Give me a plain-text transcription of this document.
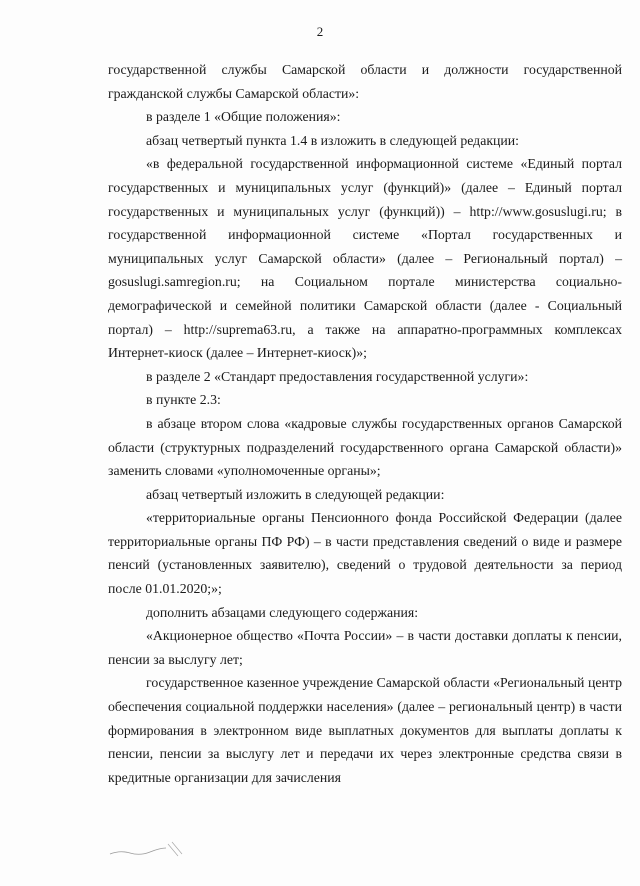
2

государственной службы Самарской области и должности государственной гражданской службы Самарской области»:

в разделе 1 «Общие положения»:

абзац четвертый пункта 1.4 в изложить в следующей редакции:

«в федеральной государственной информационной системе «Единый портал государственных и муниципальных услуг (функций)» (далее – Единый портал государственных и муниципальных услуг (функций)) – http://www.gosuslugi.ru; в государственной информационной системе «Портал государственных и муниципальных услуг Самарской области» (далее – Региональный портал) – gosuslugi.samregion.ru; на Социальном портале министерства социально-демографической и семейной политики Самарской области (далее - Социальный портал) – http://suprema63.ru, а также на аппаратно-программных комплексах Интернет-киоск (далее – Интернет-киоск)»;

в разделе 2 «Стандарт предоставления государственной услуги»:

в пункте 2.3:

в абзаце втором слова «кадровые службы государственных органов Самарской области (структурных подразделений государственного органа Самарской области)» заменить словами «уполномоченные органы»;

абзац четвертый изложить в следующей редакции:

«территориальные органы Пенсионного фонда Российской Федерации (далее территориальные органы ПФ РФ) – в части представления сведений о виде и размере пенсий (установленных заявителю), сведений о трудовой деятельности за период после 01.01.2020;»;

дополнить абзацами следующего содержания:

«Акционерное общество «Почта России» – в части доставки доплаты к пенсии, пенсии за выслугу лет;

государственное казенное учреждение Самарской области «Региональный центр обеспечения социальной поддержки населения» (далее – региональный центр) в части формирования в электронном виде выплатных документов для выплаты доплаты к пенсии, пенсии за выслугу лет и передачи их через электронные средства связи в кредитные организации для зачисления
